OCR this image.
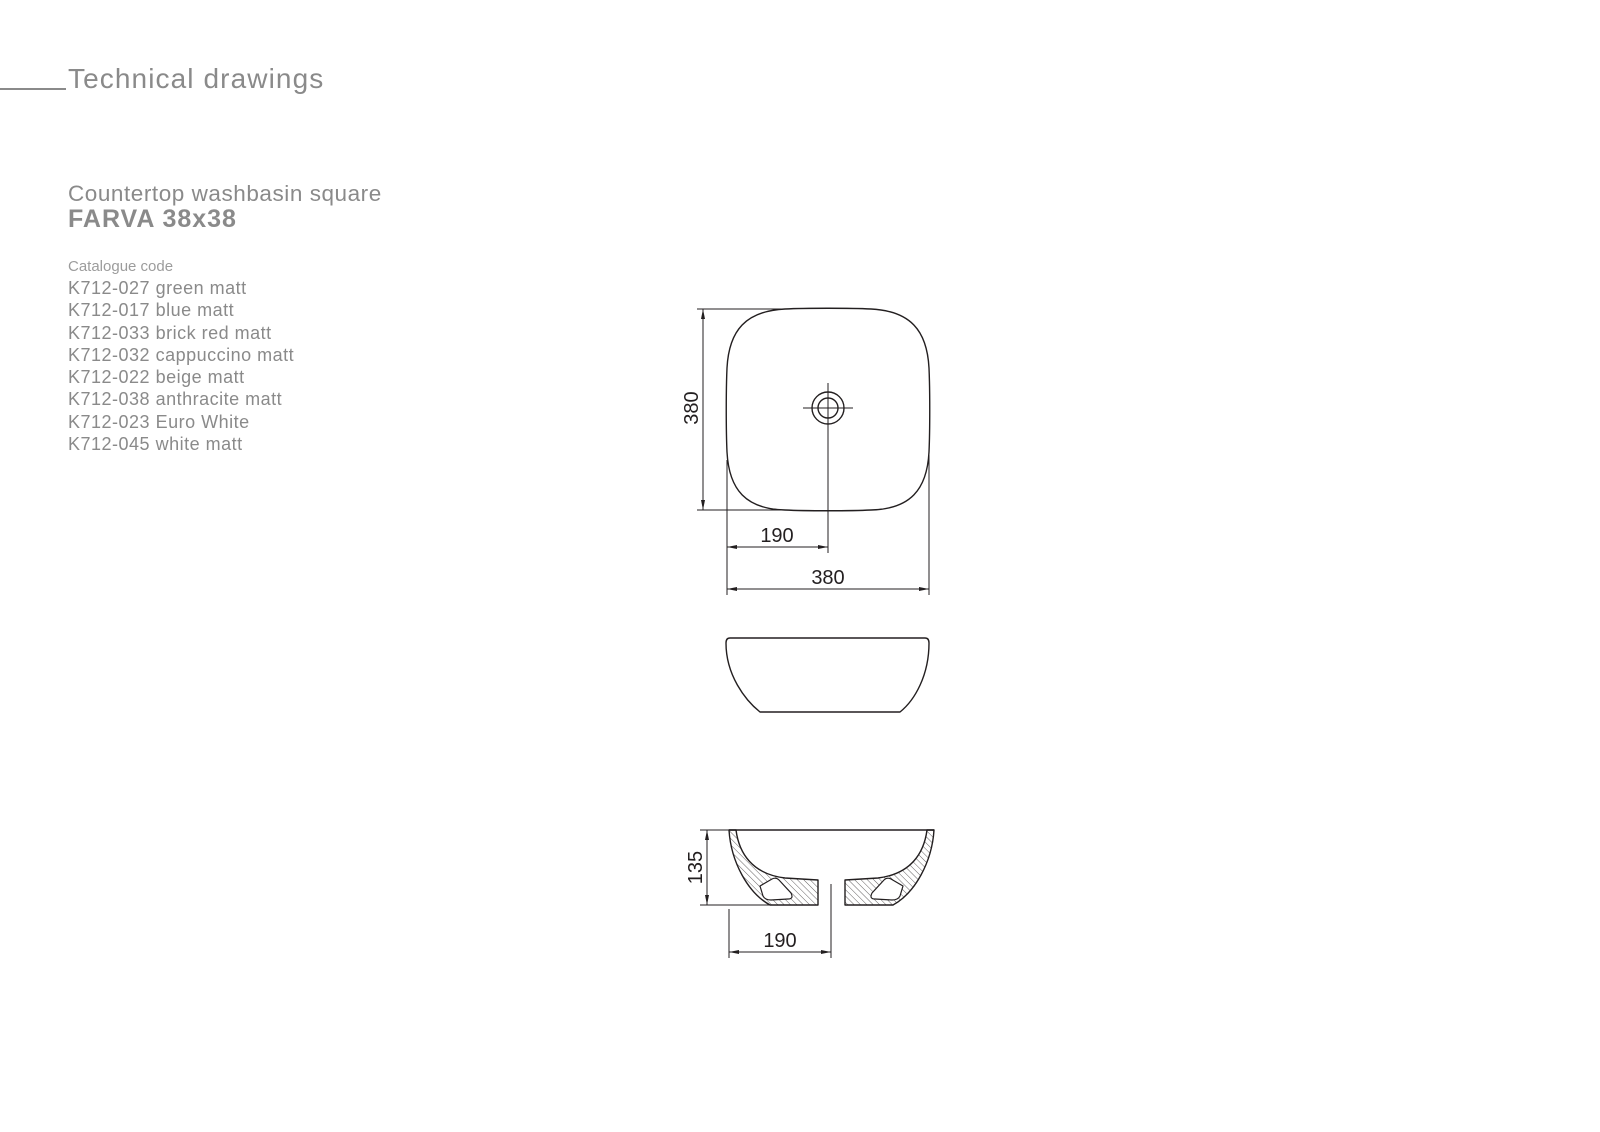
Technical drawings
Countertop washbasin square
FARVA 38x38
Catalogue code
K712-027 green matt
K712-017 blue matt
K712-033 brick red matt
K712-032 cappuccino matt
K712-022 beige matt
K712-038 anthracite matt
K712-023 Euro White
K712-045 white matt
380
190
380
135
190
